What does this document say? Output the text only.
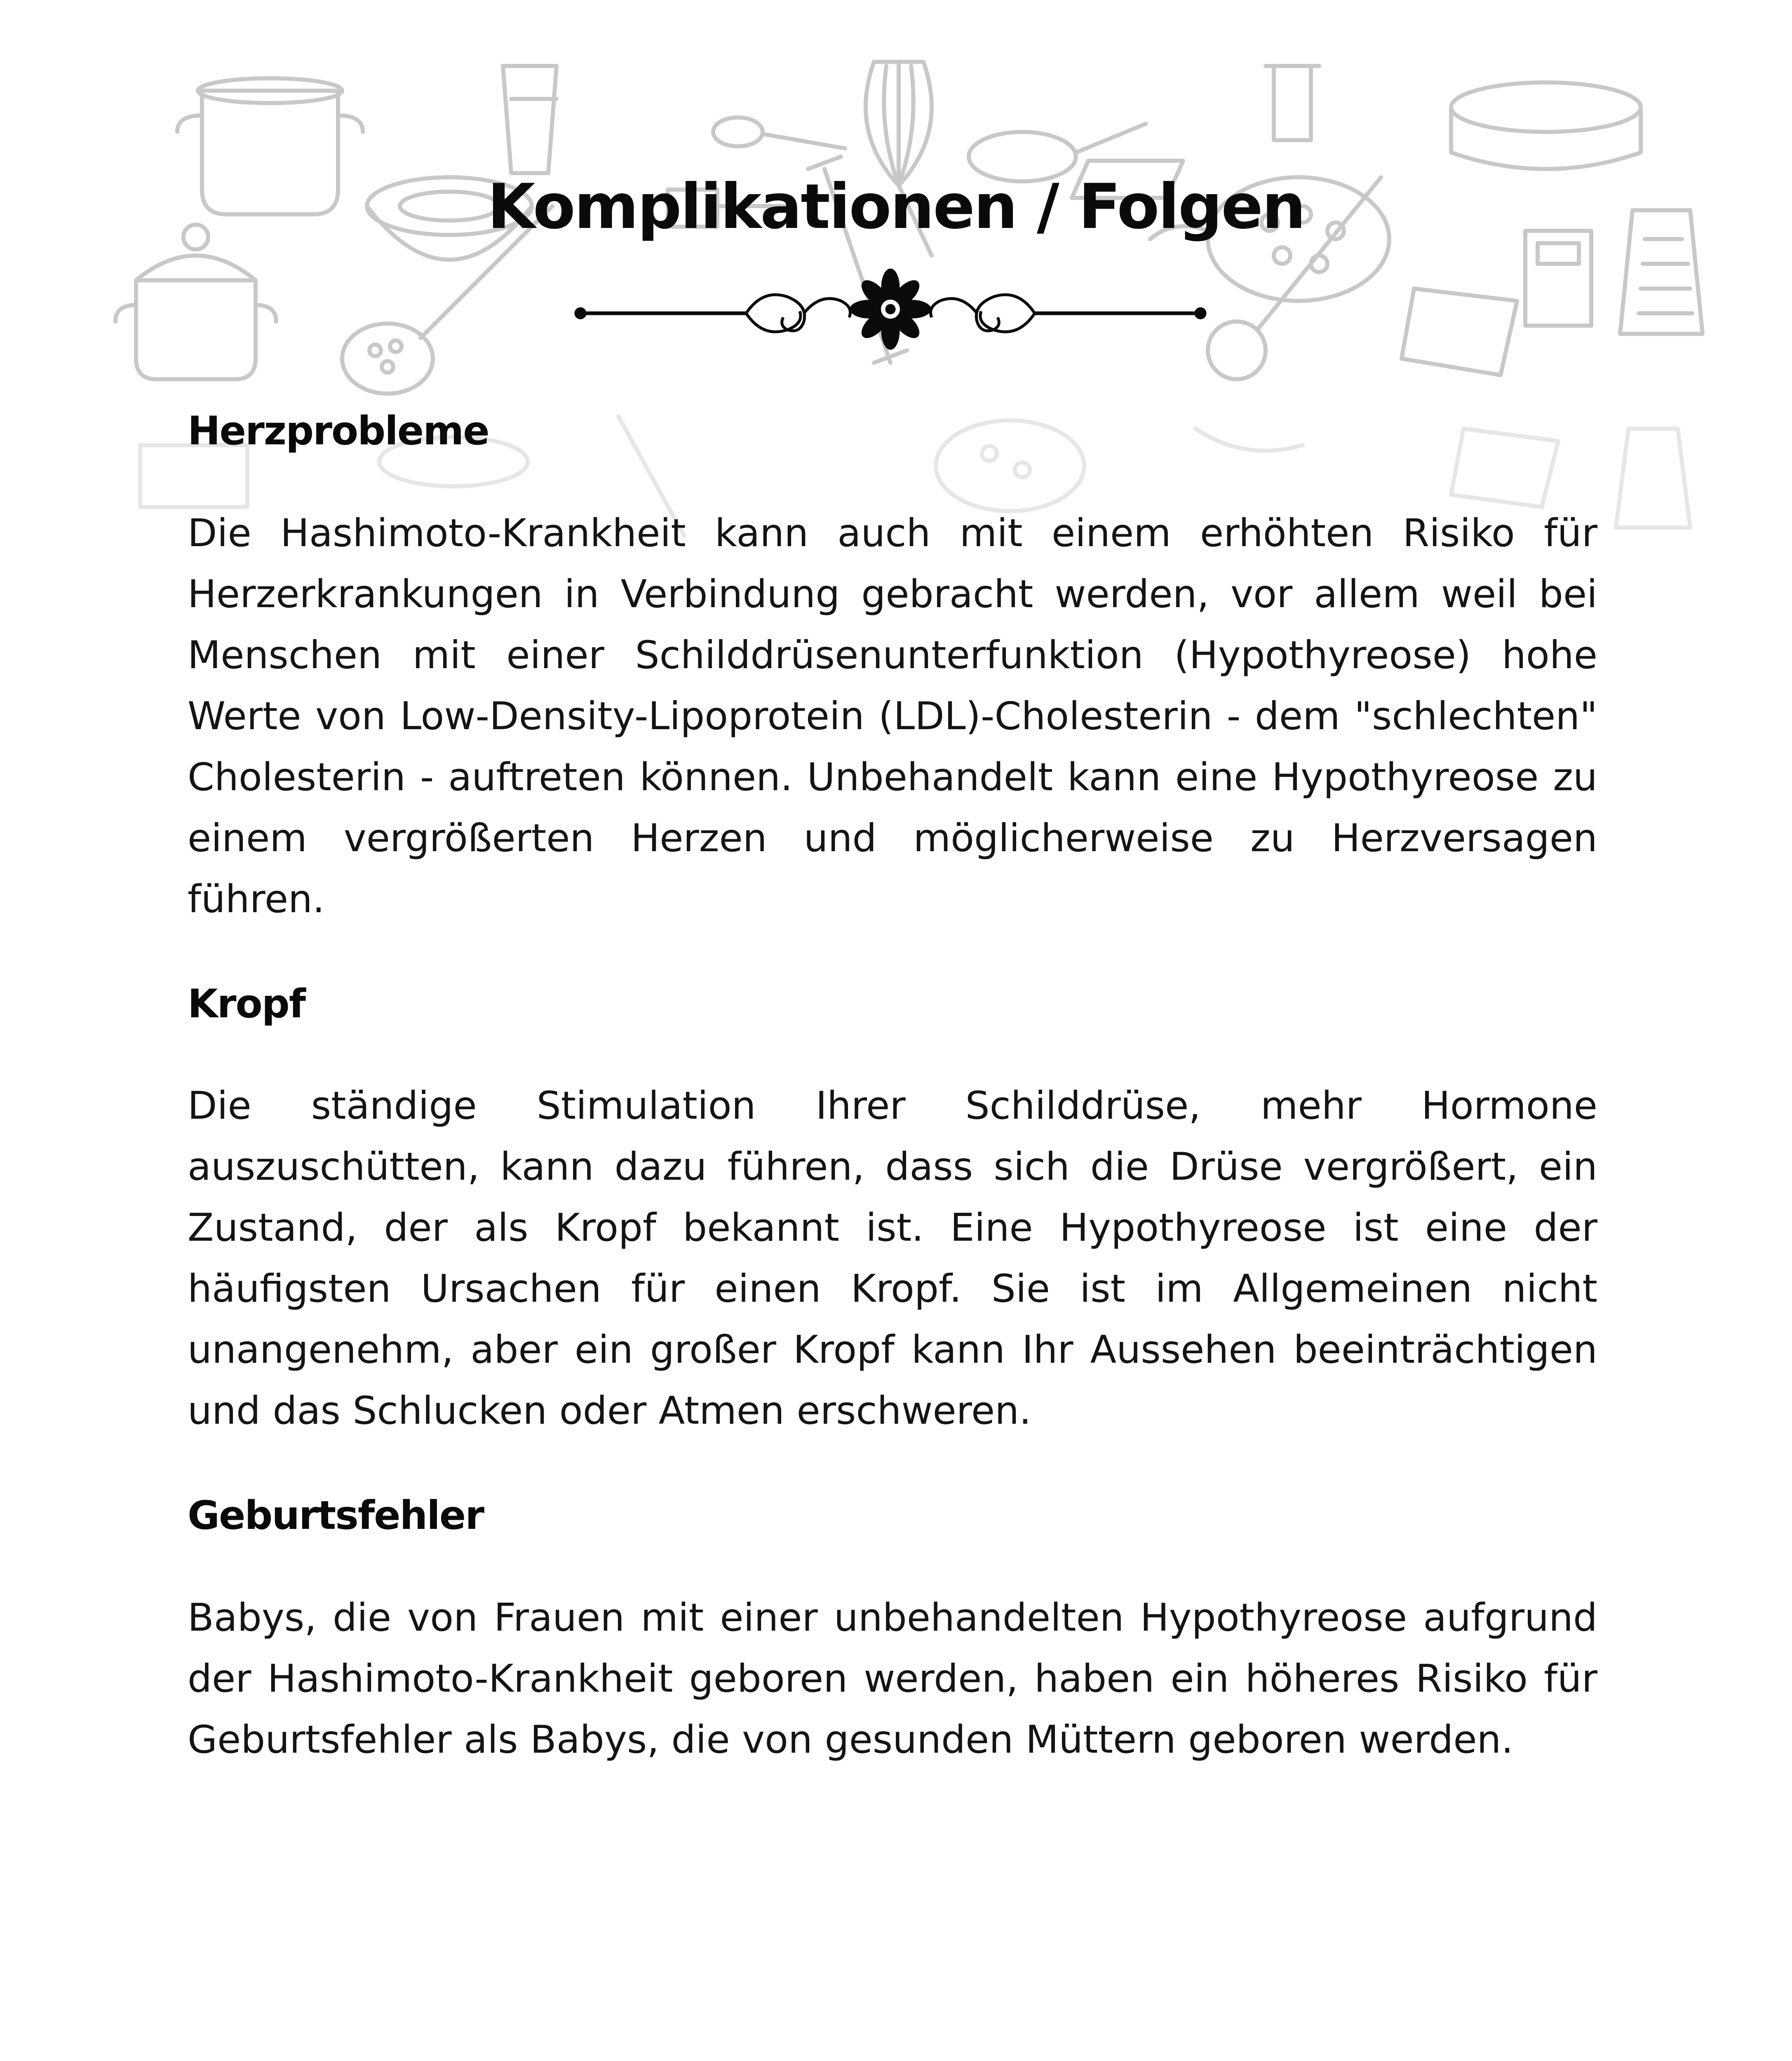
Komplikationen / Folgen
Herzprobleme

Die Hashimoto-Krankheit kann auch mit einem erhöhten Risiko für Herzerkrankungen in Verbindung gebracht werden, vor allem weil bei Menschen mit einer Schilddrüsenunterfunktion (Hypothyreose) hohe Werte von Low-Density-Lipoprotein (LDL)-Cholesterin - dem "schlechten" Cholesterin - auftreten können. Unbehandelt kann eine Hypothyreose zu einem vergrößerten Herzen und möglicherweise zu Herzversagen führen.

Kropf

Die ständige Stimulation Ihrer Schilddrüse, mehr Hormone auszuschütten, kann dazu führen, dass sich die Drüse vergrößert, ein Zustand, der als Kropf bekannt ist. Eine Hypothyreose ist eine der häufigsten Ursachen für einen Kropf. Sie ist im Allgemeinen nicht unangenehm, aber ein großer Kropf kann Ihr Aussehen beeinträchtigen und das Schlucken oder Atmen erschweren.

Geburtsfehler

Babys, die von Frauen mit einer unbehandelten Hypothyreose aufgrund der Hashimoto-Krankheit geboren werden, haben ein höheres Risiko für Geburtsfehler als Babys, die von gesunden Müttern geboren werden.
